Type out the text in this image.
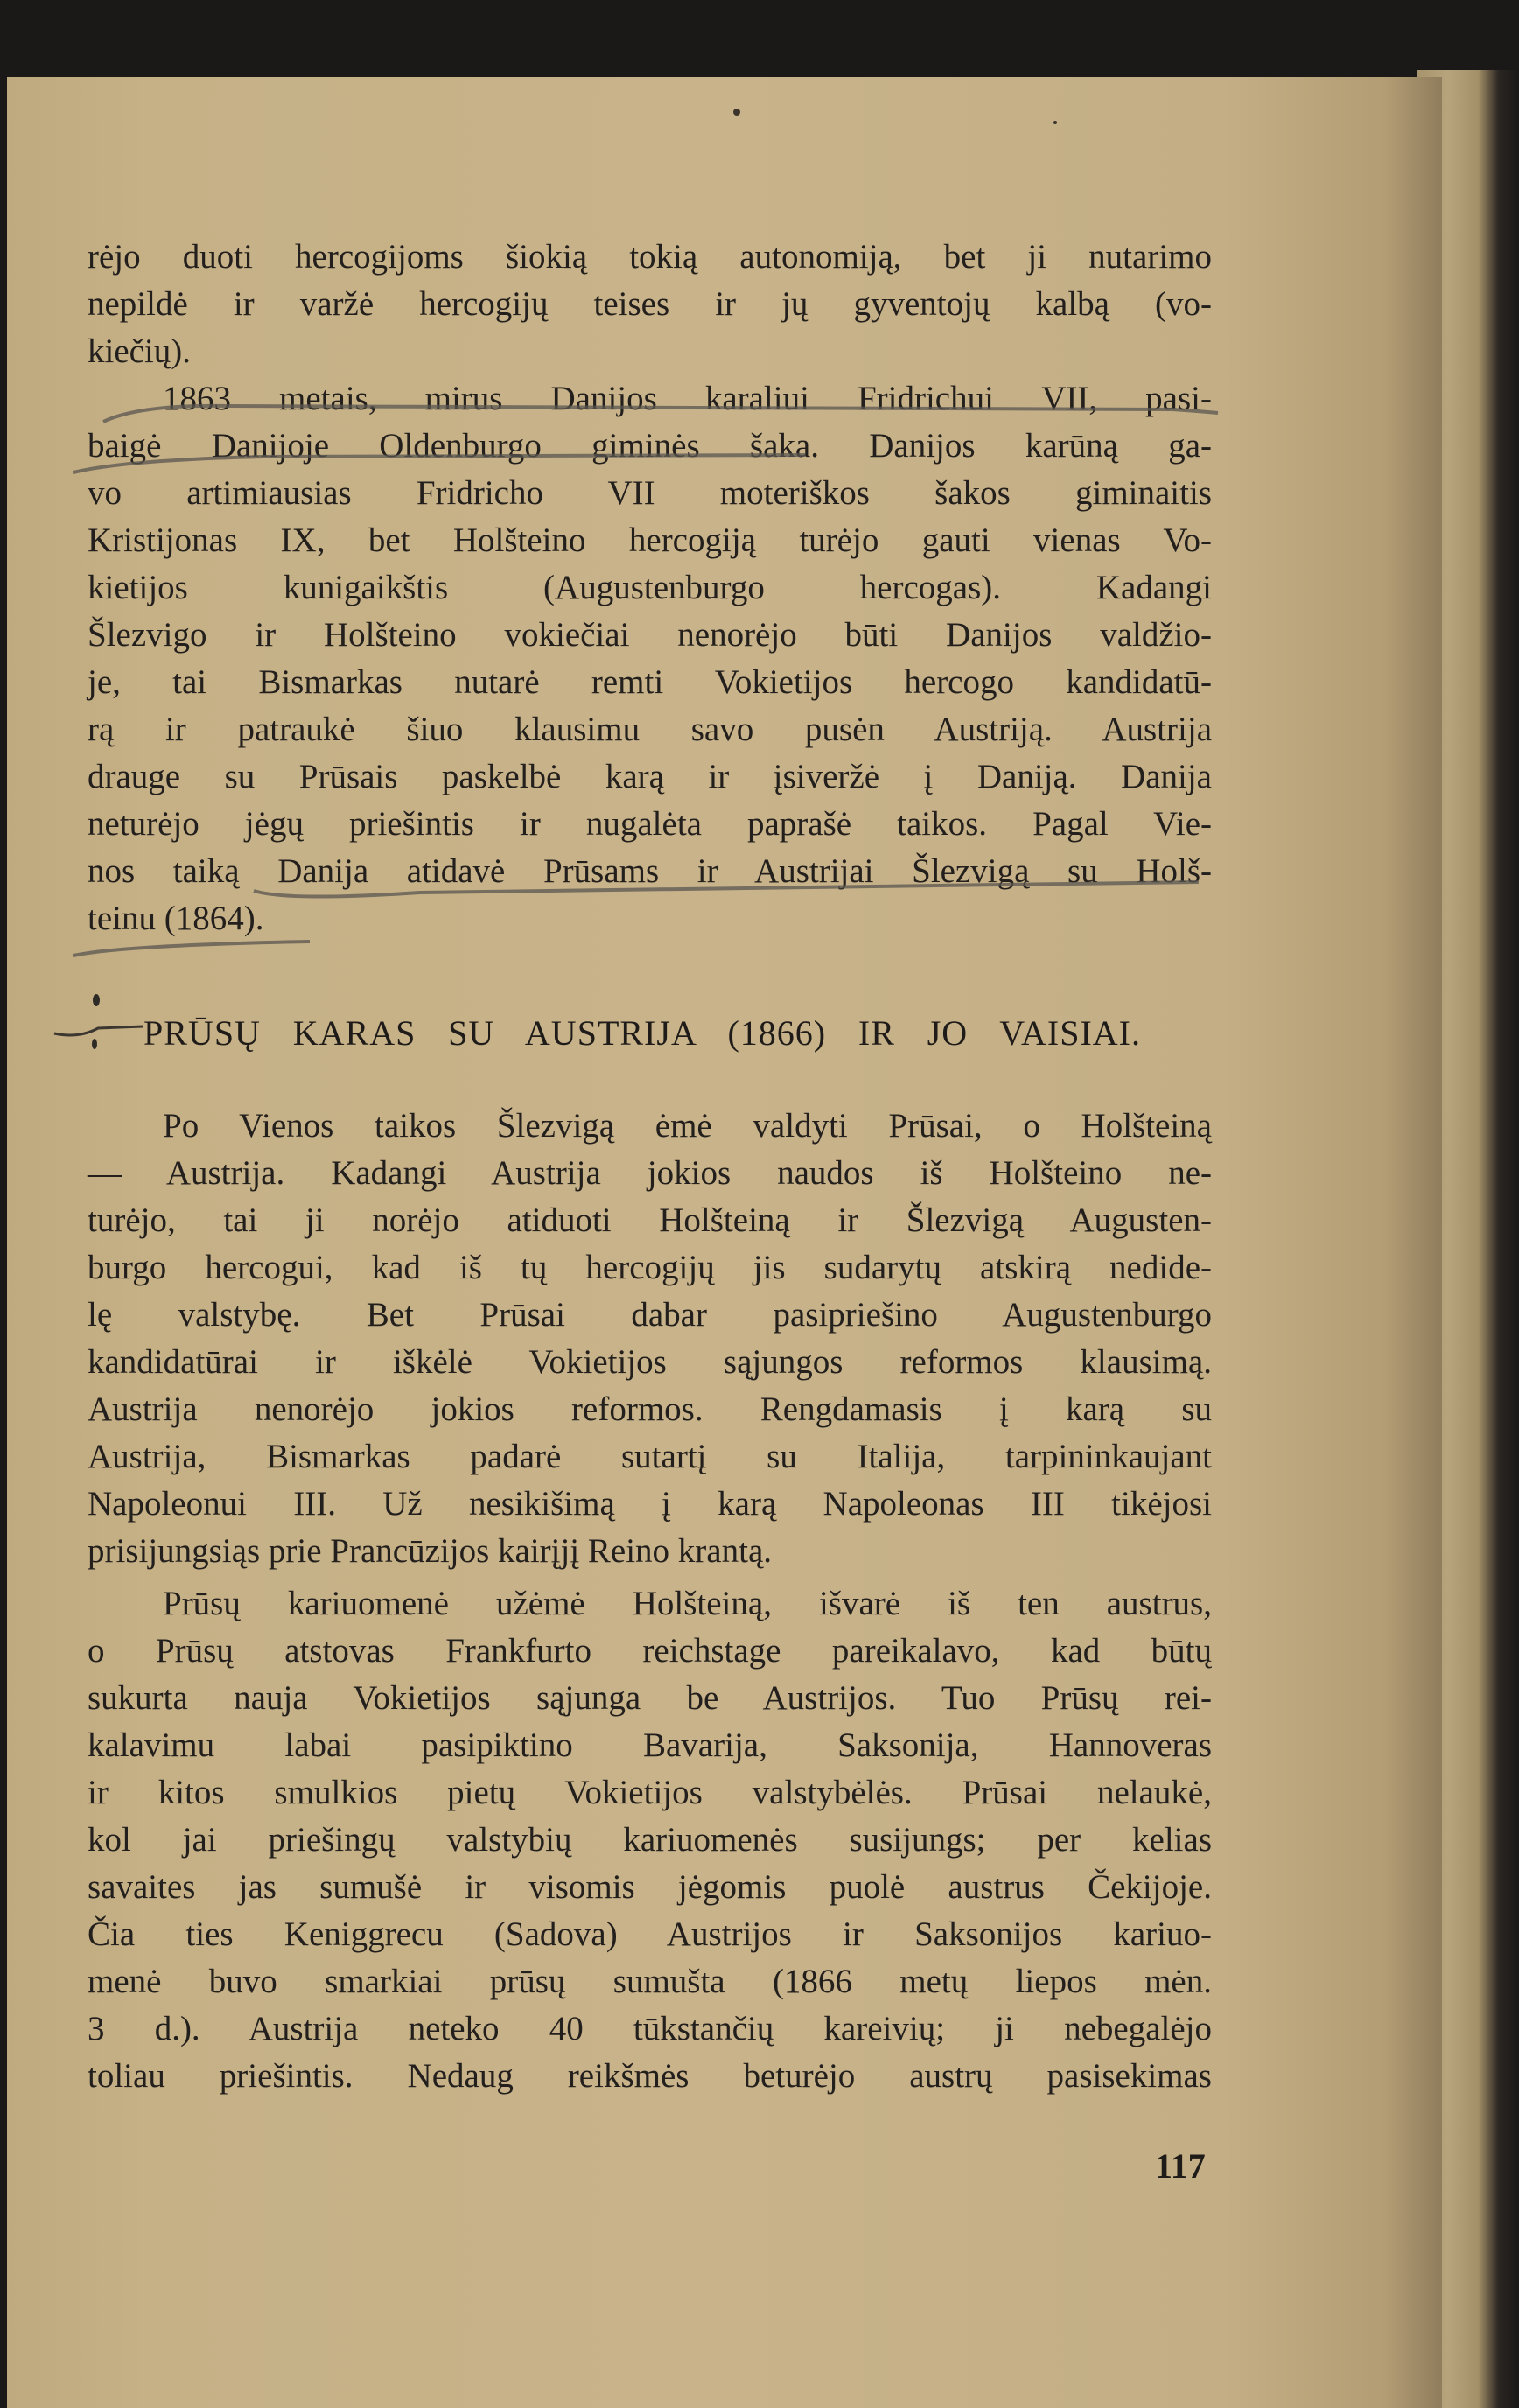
rėjo duoti hercogijoms šiokią tokią autonomiją, bet ji nutarimo
nepildė ir varžė hercogijų teises ir jų gyventojų kalbą (vo-
kiečių).
1863 metais, mirus Danijos karaliui Fridrichui VII, pasi-
baigė Danijoje Oldenburgo giminės šaka. Danijos karūną ga-
vo artimiausias Fridricho VII moteriškos šakos giminaitis
Kristijonas IX, bet Holšteino hercogiją turėjo gauti vienas Vo-
kietijos kunigaikštis (Augustenburgo hercogas). Kadangi
Šlezvigo ir Holšteino vokiečiai nenorėjo būti Danijos valdžio-
je, tai Bismarkas nutarė remti Vokietijos hercogo kandidatū-
rą ir patraukė šiuo klausimu savo pusėn Austriją. Austrija
drauge su Prūsais paskelbė karą ir įsiveržė į Daniją. Danija
neturėjo jėgų priešintis ir nugalėta paprašė taikos. Pagal Vie-
nos taiką Danija atidavė Prūsams ir Austrijai Šlezvigą su Holš-
teinu (1864).
PRŪSŲ KARAS SU AUSTRIJA (1866) IR JO VAISIAI.
Po Vienos taikos Šlezvigą ėmė valdyti Prūsai, o Holšteiną
— Austrija. Kadangi Austrija jokios naudos iš Holšteino ne-
turėjo, tai ji norėjo atiduoti Holšteiną ir Šlezvigą Augusten-
burgo hercogui, kad iš tų hercogijų jis sudarytų atskirą nedide-
lę valstybę. Bet Prūsai dabar pasipriešino Augustenburgo
kandidatūrai ir iškėlė Vokietijos sąjungos reformos klausimą.
Austrija nenorėjo jokios reformos. Rengdamasis į karą su
Austrija, Bismarkas padarė sutartį su Italija, tarpininkaujant
Napoleonui III. Už nesikišimą į karą Napoleonas III tikėjosi
prisijungsiąs prie Prancūzijos kairįjį Reino krantą.
Prūsų kariuomenė užėmė Holšteiną, išvarė iš ten austrus,
o Prūsų atstovas Frankfurto reichstage pareikalavo, kad būtų
sukurta nauja Vokietijos sąjunga be Austrijos. Tuo Prūsų rei-
kalavimu labai pasipiktino Bavarija, Saksonija, Hannoveras
ir kitos smulkios pietų Vokietijos valstybėlės. Prūsai nelaukė,
kol jai priešingų valstybių kariuomenės susijungs; per kelias
savaites jas sumušė ir visomis jėgomis puolė austrus Čekijoje.
Čia ties Keniggrecu (Sadova) Austrijos ir Saksonijos kariuo-
menė buvo smarkiai prūsų sumušta (1866 metų liepos mėn.
3 d.). Austrija neteko 40 tūkstančių kareivių; ji nebegalėjo
toliau priešintis. Nedaug reikšmės beturėjo austrų pasisekimas
117
